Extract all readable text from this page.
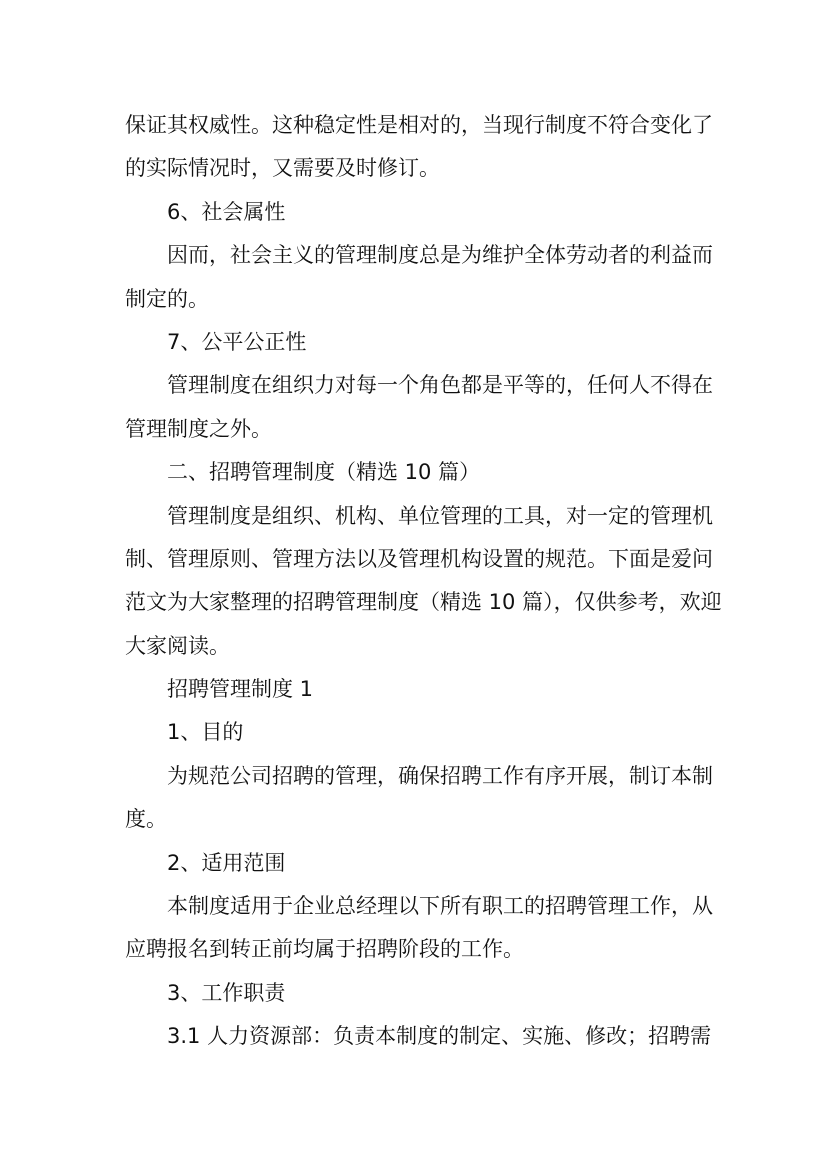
保证其权威性。这种稳定性是相对的，当现行制度不符合变化了
的实际情况时，又需要及时修订。
6、社会属性
因而，社会主义的管理制度总是为维护全体劳动者的利益而
制定的。
7、公平公正性
管理制度在组织力对每一个角色都是平等的，任何人不得在
管理制度之外。
二、招聘管理制度（精选 10 篇）
管理制度是组织、机构、单位管理的工具，对一定的管理机
制、管理原则、管理方法以及管理机构设置的规范。下面是爱问
范文为大家整理的招聘管理制度（精选 10 篇），仅供参考，欢迎
大家阅读。
招聘管理制度 1
1、目的
为规范公司招聘的管理，确保招聘工作有序开展，制订本制
度。
2、适用范围
本制度适用于企业总经理以下所有职工的招聘管理工作，从
应聘报名到转正前均属于招聘阶段的工作。
3、工作职责
3.1 人力资源部：负责本制度的制定、实施、修改；招聘需
